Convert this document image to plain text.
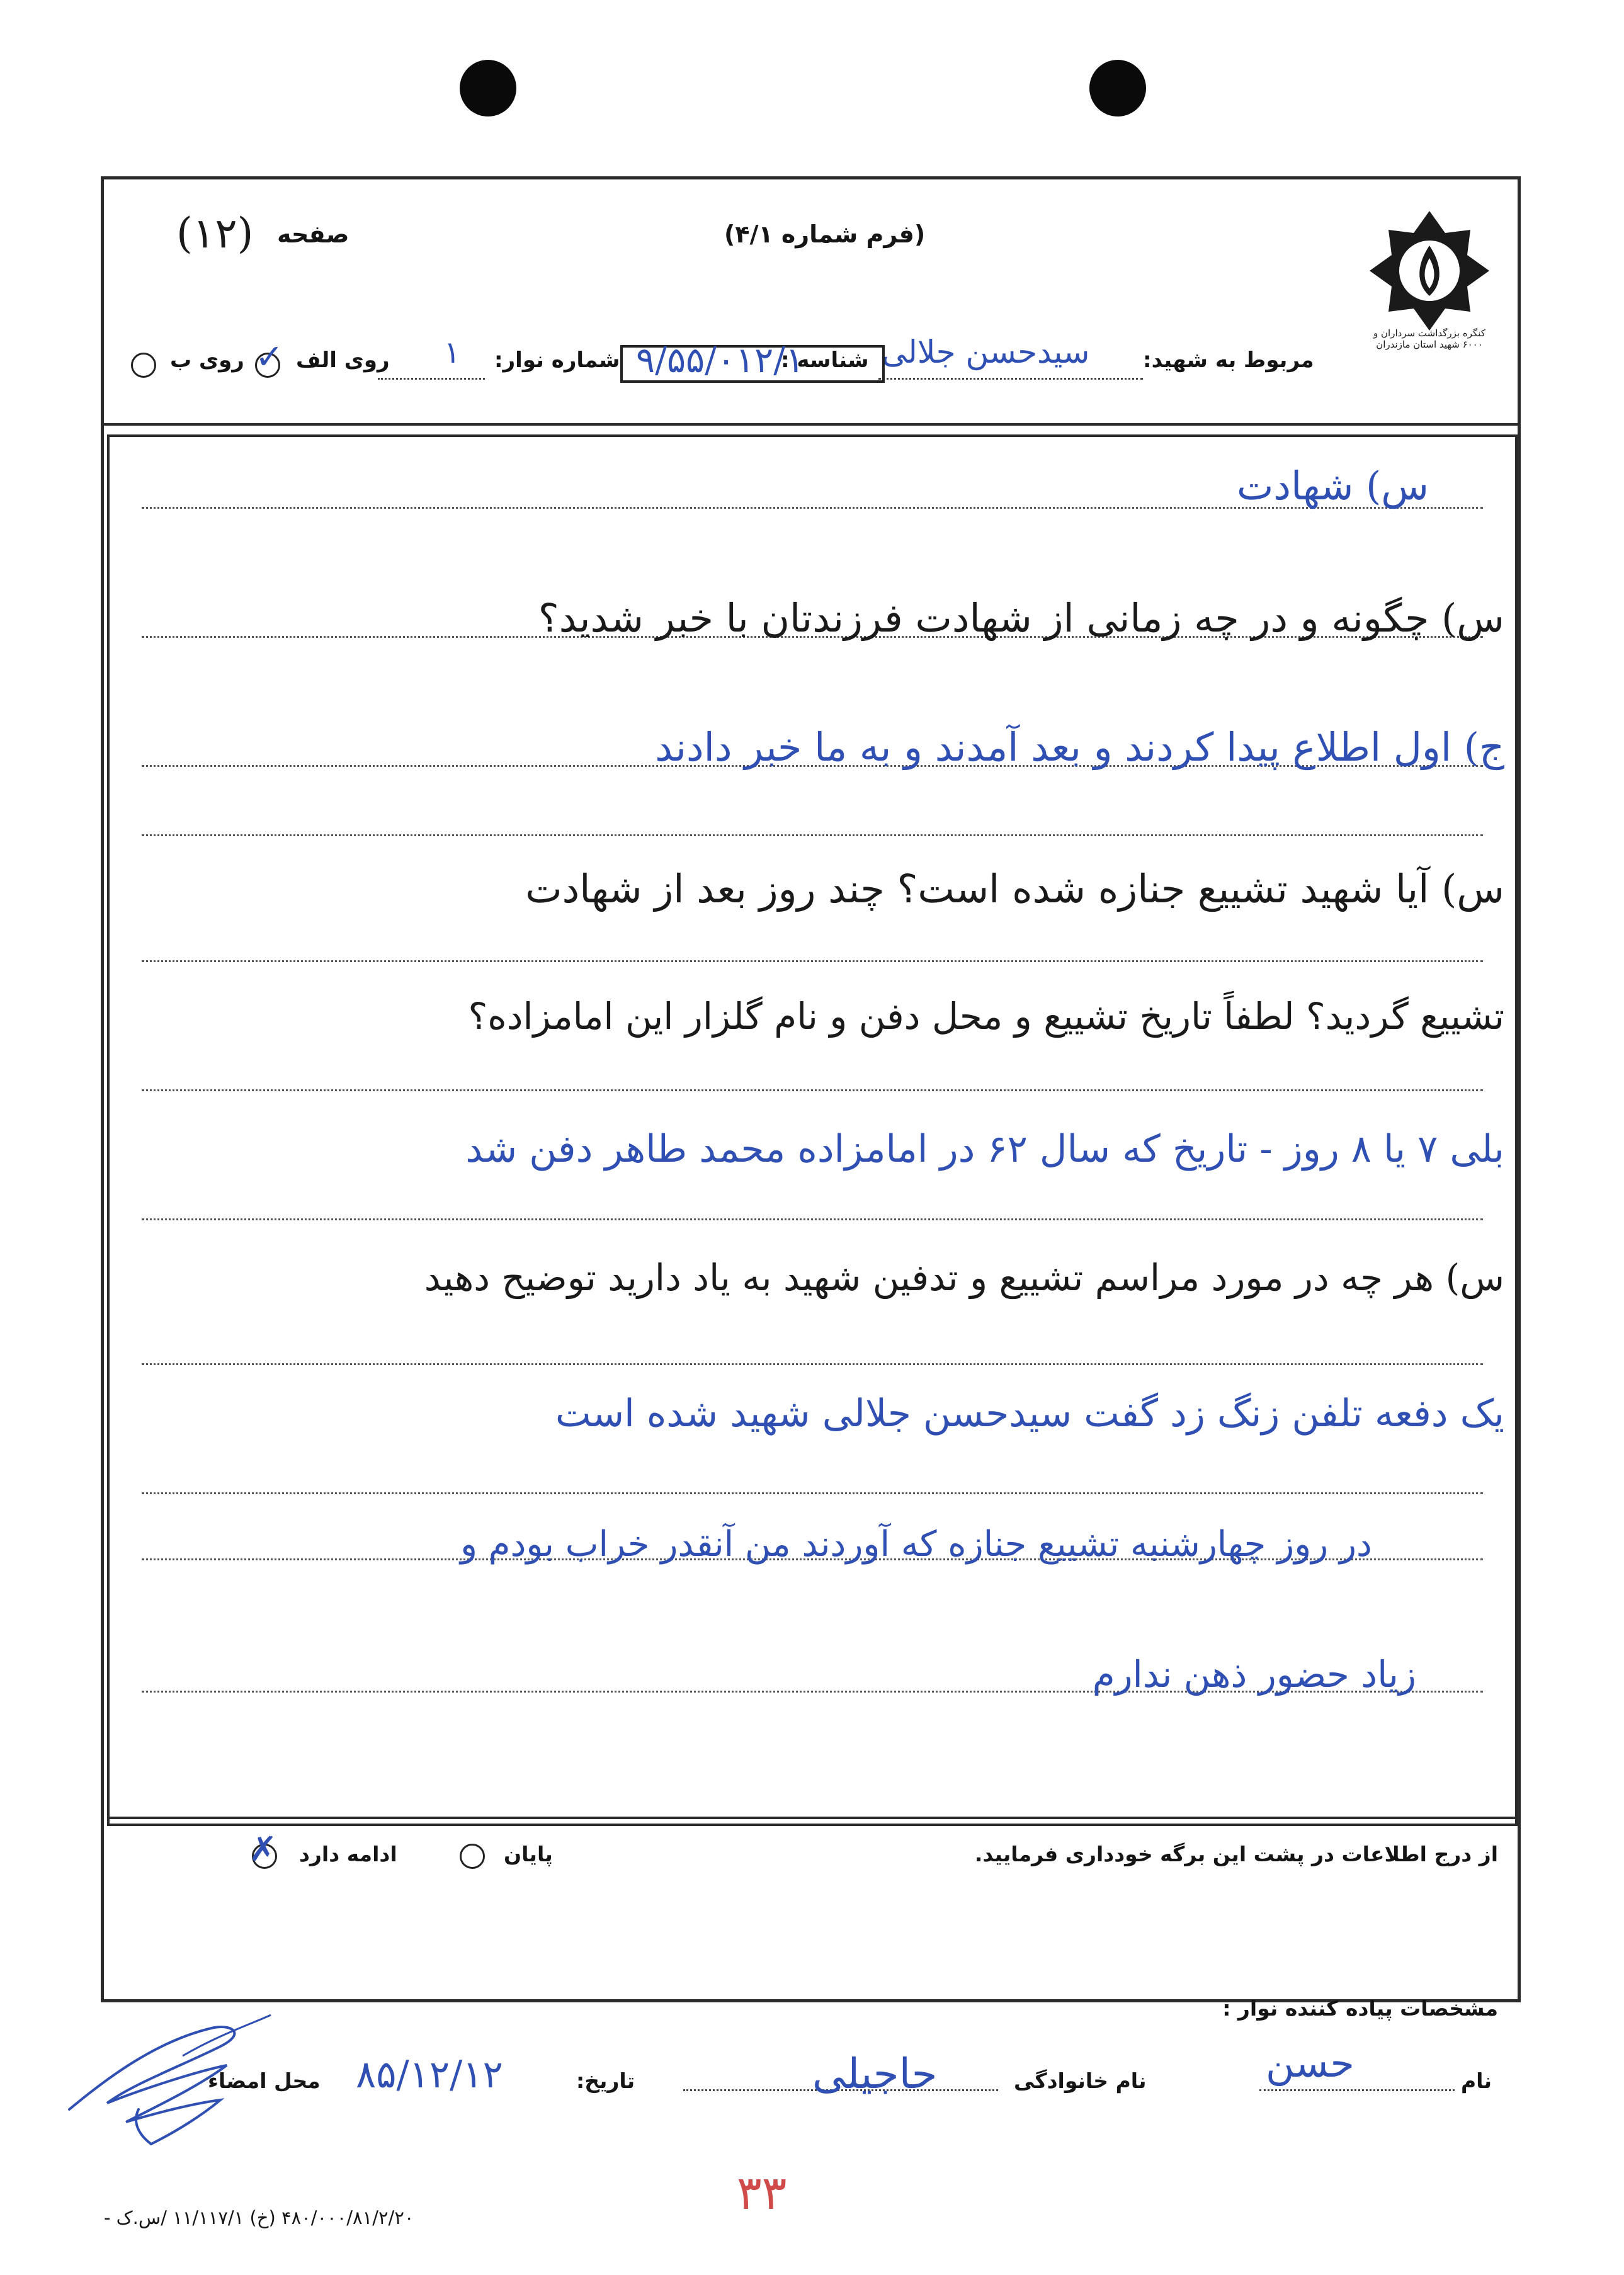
(فرم شماره ۴/۱)
صفحه
(۱۲)
کنگره بزرگداشت سرداران و ۶۰۰۰ شهید استان مازندران
مربوط به شهید:
سیدحسن جلالی
شناسه :
۹/۵۵/۰۱۲/۱
شماره نوار:
۱
روی الف
✓
روی ب
س) شهادت
س) چگونه و در چه زمانی از شهادت فرزندتان با خبر شدید؟
ج) اول اطلاع پیدا کردند و بعد آمدند و به ما خبر دادند
س) آیا شهید تشییع جنازه شده است؟ چند روز بعد از شهادت
تشییع گردید؟ لطفاً تاریخ تشییع و محل دفن و نام گلزار این امامزاده؟
بلی ۷ یا ۸ روز - تاریخ که سال ۶۲ در امامزاده محمد طاهر دفن شد
س) هر چه در مورد مراسم تشییع و تدفین شهید به یاد دارید توضیح دهید
یک دفعه تلفن زنگ زد گفت سیدحسن جلالی شهید شده است
در روز چهارشنبه تشییع جنازه که آوردند من آنقدر خراب بودم و
زیاد حضور ذهن ندارم
از درج اطلاعات در پشت این برگه خودداری فرمایید.
پایان
ادامه دارد
✗
مشخصات پیاده کننده نوار :
نام
حسن
نام خانوادگی
حاجیلی
تاریخ:
۸۵/۱۲/۱۲
محل امضاء
۳۳
۴۸۰/۰۰۰/۸۱/۲/۲۰ (خ) ۱۱/۱۱۷/۱ /س.ک -
